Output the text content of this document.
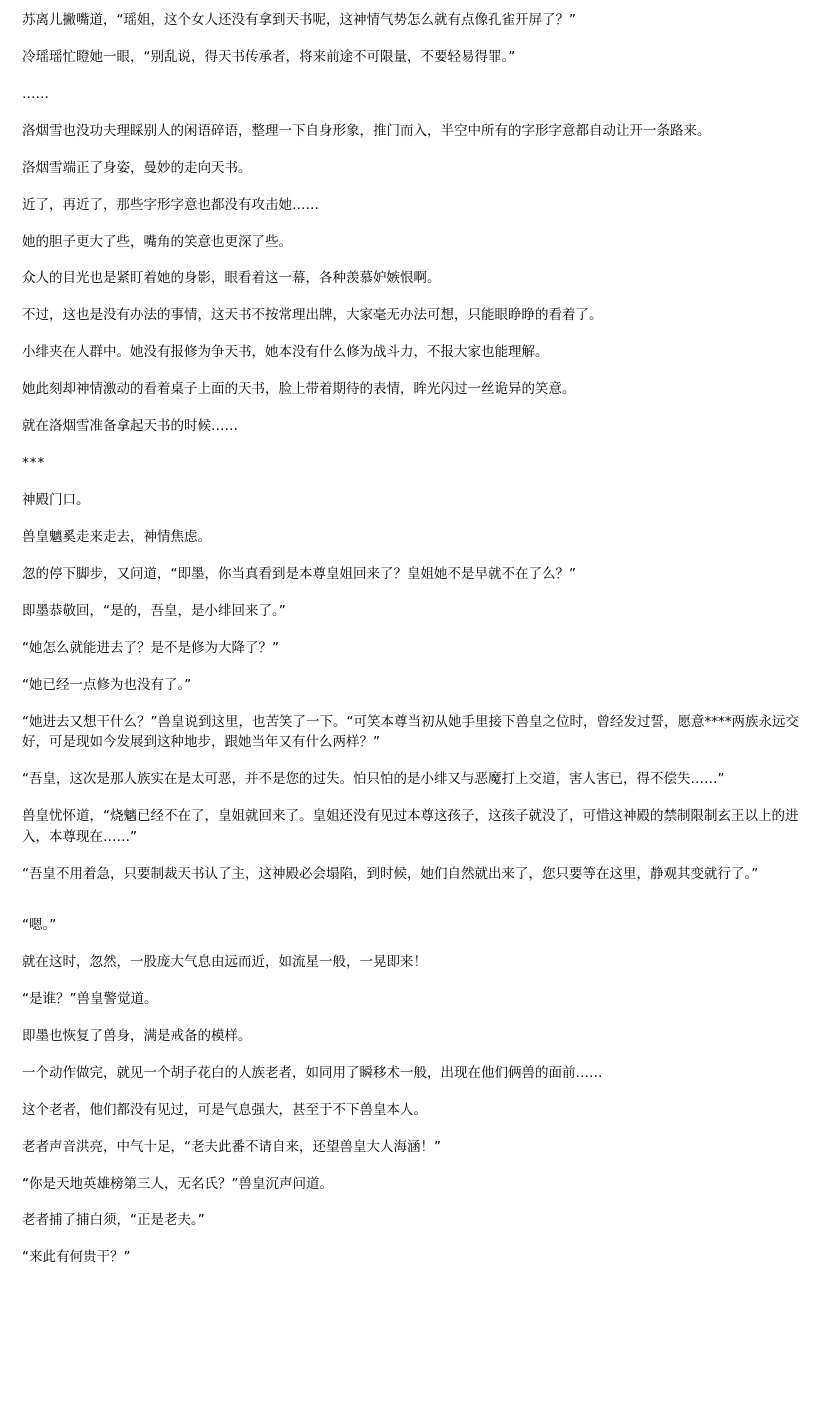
苏离儿撇嘴道，“瑶姐，这个女人还没有拿到天书呢，这神情气势怎么就有点像孔雀开屏了？”

冷瑶瑶忙瞪她一眼，“别乱说，得天书传承者，将来前途不可限量，不要轻易得罪。”

……

洛烟雪也没功夫理睬别人的闲语碎语，整理一下自身形象，推门而入，半空中所有的字形字意都自动让开一条路来。

洛烟雪端正了身姿，曼妙的走向天书。

近了，再近了，那些字形字意也都没有攻击她……

她的胆子更大了些，嘴角的笑意也更深了些。

众人的目光也是紧盯着她的身影，眼看着这一幕，各种羡慕妒嫉恨啊。

不过，这也是没有办法的事情，这天书不按常理出牌，大家毫无办法可想，只能眼睁睁的看着了。

小绯夹在人群中。她没有报修为争天书，她本没有什么修为战斗力，不报大家也能理解。

她此刻却神情激动的看着桌子上面的天书，脸上带着期待的表情，眸光闪过一丝诡异的笑意。

就在洛烟雪准备拿起天书的时候……

***

神殿门口。

兽皇魑奚走来走去，神情焦虑。

忽的停下脚步，又问道，“即墨，你当真看到是本尊皇姐回来了？皇姐她不是早就不在了么？”

即墨恭敬回，“是的，吾皇，是小绯回来了。”

“她怎么就能进去了？是不是修为大降了？”

“她已经一点修为也没有了。”

“她进去又想干什么？”兽皇说到这里，也苦笑了一下。“可笑本尊当初从她手里接下兽皇之位时，曾经发过誓，愿意****两族永远交好，可是现如今发展到这种地步，跟她当年又有什么两样？”

“吾皇，这次是那人族实在是太可恶，并不是您的过失。怕只怕的是小绯又与恶魔打上交道，害人害已，得不偿失……”

兽皇忧怀道，“烧魑已经不在了，皇姐就回来了。皇姐还没有见过本尊这孩子，这孩子就没了，可惜这神殿的禁制限制玄王以上的进入，本尊现在……”

“吾皇不用着急，只要制裁天书认了主，这神殿必会塌陷，到时候，她们自然就出来了，您只要等在这里，静观其变就行了。”

“嗯。”

就在这时，忽然，一股庞大气息由远而近，如流星一般，一晃即来！

“是谁？”兽皇警觉道。

即墨也恢复了兽身，满是戒备的模样。

一个动作做完，就见一个胡子花白的人族老者，如同用了瞬移术一般，出现在他们俩兽的面前……

这个老者，他们都没有见过，可是气息强大，甚至于不下兽皇本人。

老者声音洪亮，中气十足，“老夫此番不请自来，还望兽皇大人海涵！”

“你是天地英雄榜第三人，无名氏？”兽皇沉声问道。

老者捕了捕白须，“正是老夫。”

“来此有何贵干？”
